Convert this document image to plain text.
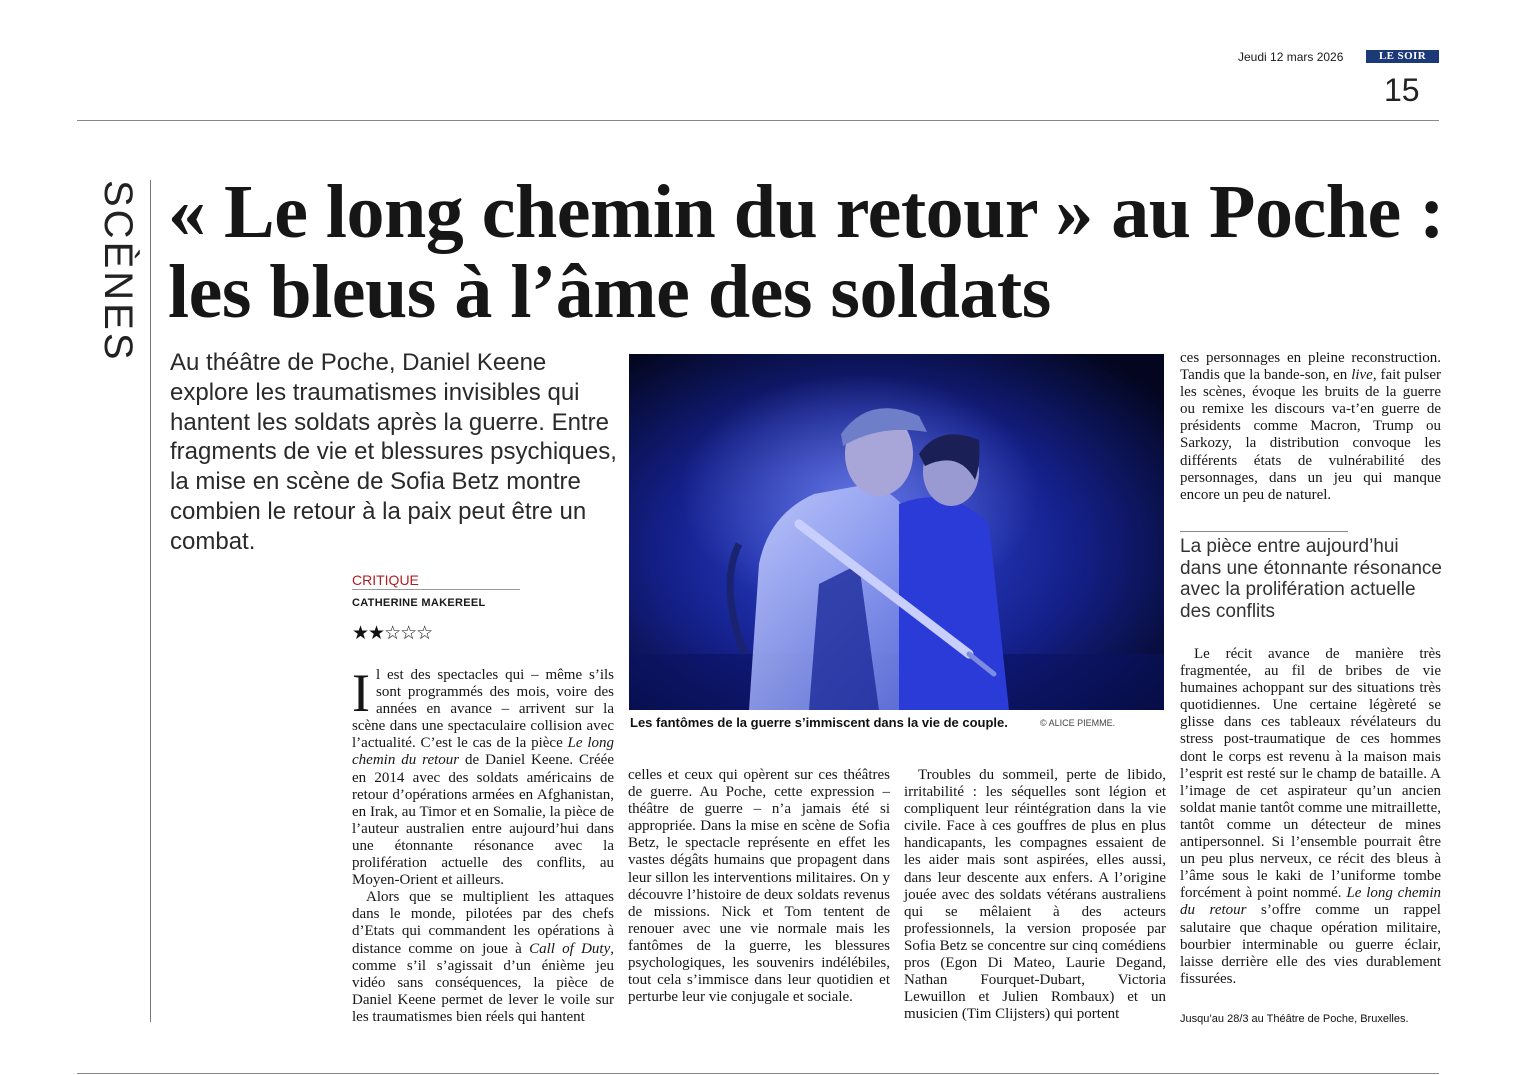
Jeudi 12 mars 2026	LE SOIR
15
SCÈNES « Le long chemin du retour » au Poche : les bleus à l’âme des soldats
Au théâtre de Poche, Daniel Keene explore les traumatismes invisibles qui hantent les soldats après la guerre. Entre fragments de vie et blessures psychiques, la mise en scène de Sofia Betz montre combien le retour à la paix peut être un combat.
CRITIQUE
CATHERINE MAKEREEL
★★☆☆☆

Il est des spectacles qui – même s’ils sont programmés des mois, voire des années en avance – arrivent sur la scène dans une spectaculaire collision avec l’actualité. C’est le cas de la pièce Le long chemin du retour de Daniel Keene. Créée en 2014 avec des soldats américains de retour d’opérations armées en Afghanistan, en Irak, au Timor et en Somalie, la pièce de l’auteur australien entre aujourd’hui dans une étonnante résonance avec la prolifération actuelle des conflits, au Moyen-Orient et ailleurs.

Alors que se multiplient les attaques dans le monde, pilotées par des chefs d’Etats qui commandent les opérations à distance comme on joue à Call of Duty, comme s’il s’agissait d’un énième jeu vidéo sans conséquences, la pièce de Daniel Keene permet de lever le voile sur les traumatismes bien réels qui hantent

Les fantômes de la guerre s’immiscent dans la vie de couple.	© ALICE PIEMME.

celles et ceux qui opèrent sur ces théâtres de guerre. Au Poche, cette expression – théâtre de guerre – n’a jamais été si appropriée. Dans la mise en scène de Sofia Betz, le spectacle représente en effet les vastes dégâts humains que propagent dans leur sillon les interventions militaires. On y découvre l’histoire de deux soldats revenus de missions. Nick et Tom tentent de renouer avec une vie normale mais les fantômes de la guerre, les blessures psychologiques, les souvenirs indélébiles, tout cela s’immisce dans leur quotidien et perturbe leur vie conjugale et sociale.

Troubles du sommeil, perte de libido, irritabilité : les séquelles sont légion et compliquent leur réintégration dans la vie civile. Face à ces gouffres de plus en plus handicapants, les compagnes essaient de les aider mais sont aspirées, elles aussi, dans leur descente aux enfers. A l’origine jouée avec des soldats vétérans australiens qui se mêlaient à des acteurs professionnels, la version proposée par Sofia Betz se concentre sur cinq comédiens pros (Egon Di Mateo, Laurie Degand, Nathan Fourquet-Dubart, Victoria Lewuillon et Julien Rombaux) et un musicien (Tim Clijsters) qui portent

ces personnages en pleine reconstruction. Tandis que la bande-son, en live, fait pulser les scènes, évoque les bruits de la guerre ou remixe les discours va-t’en guerre de présidents comme Macron, Trump ou Sarkozy, la distribution convoque les différents états de vulnérabilité des personnages, dans un jeu qui manque encore un peu de naturel.

La pièce entre aujourd’hui dans une étonnante résonance avec la prolifération actuelle des conflits

Le récit avance de manière très fragmentée, au fil de bribes de vie humaines achoppant sur des situations très quotidiennes. Une certaine légèreté se glisse dans ces tableaux révélateurs du stress post-traumatique de ces hommes dont le corps est revenu à la maison mais l’esprit est resté sur le champ de bataille. A l’image de cet aspirateur qu’un ancien soldat manie tantôt comme une mitraillette, tantôt comme un détecteur de mines antipersonnel. Si l’ensemble pourrait être un peu plus nerveux, ce récit des bleus à l’âme sous le kaki de l’uniforme tombe forcément à point nommé. Le long chemin du retour s’offre comme un rappel salutaire que chaque opération militaire, bourbier interminable ou guerre éclair, laisse derrière elle des vies durablement fissurées.

Jusqu’au 28/3 au Théâtre de Poche, Bruxelles.
